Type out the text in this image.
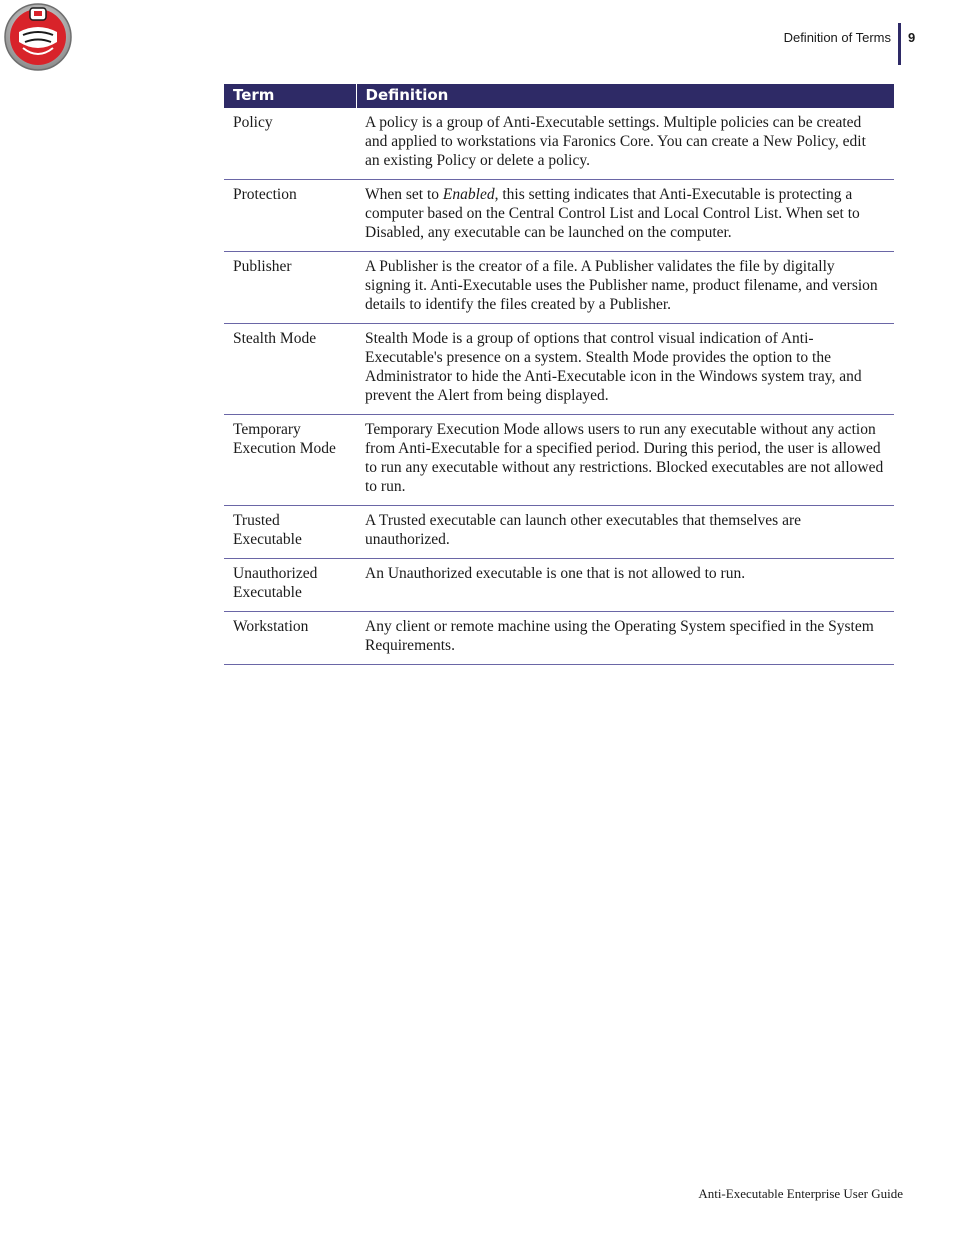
Definition of Terms 9
Term	Definition
Policy	A policy is a group of Anti-Executable settings. Multiple policies can be created and applied to workstations via Faronics Core. You can create a New Policy, edit an existing Policy or delete a policy.
Protection	When set to Enabled, this setting indicates that Anti-Executable is protecting a computer based on the Central Control List and Local Control List. When set to Disabled, any executable can be launched on the computer.
Publisher	A Publisher is the creator of a file. A Publisher validates the file by digitally signing it. Anti-Executable uses the Publisher name, product filename, and version details to identify the files created by a Publisher.
Stealth Mode	Stealth Mode is a group of options that control visual indication of Anti-Executable's presence on a system. Stealth Mode provides the option to the Administrator to hide the Anti-Executable icon in the Windows system tray, and prevent the Alert from being displayed.
Temporary Execution Mode	Temporary Execution Mode allows users to run any executable without any action from Anti-Executable for a specified period. During this period, the user is allowed to run any executable without any restrictions. Blocked executables are not allowed to run.
Trusted Executable	A Trusted executable can launch other executables that themselves are unauthorized.
Unauthorized Executable	An Unauthorized executable is one that is not allowed to run.
Workstation	Any client or remote machine using the Operating System specified in the System Requirements.
Anti-Executable Enterprise User Guide
